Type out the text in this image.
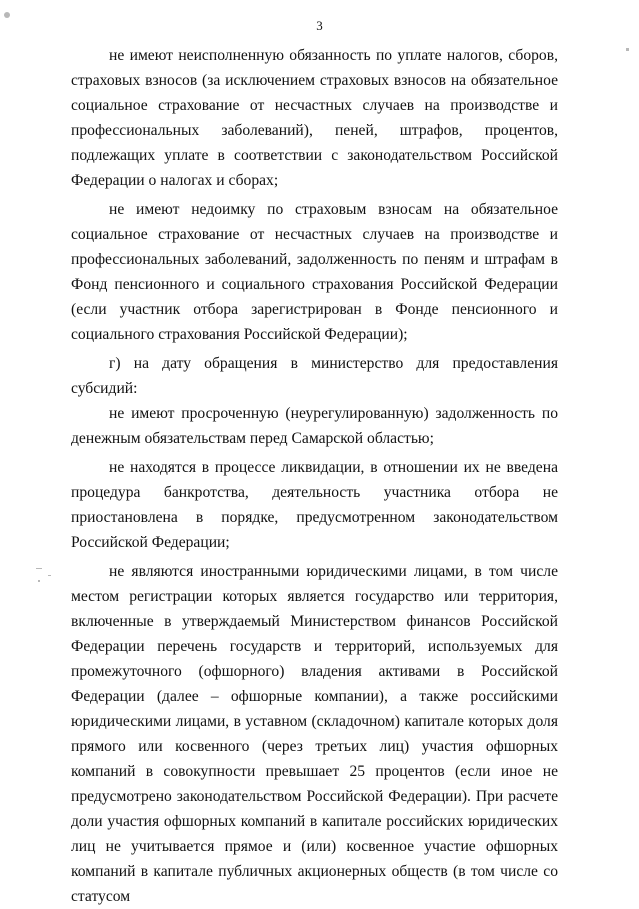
3

не имеют неисполненную обязанность по уплате налогов, сборов, страховых взносов (за исключением страховых взносов на обязательное социальное страхование от несчастных случаев на производстве и профессиональных заболеваний), пеней, штрафов, процентов, подлежащих уплате в соответствии с законодательством Российской Федерации о налогах и сборах;

не имеют недоимку по страховым взносам на обязательное социальное страхование от несчастных случаев на производстве и профессиональных заболеваний, задолженность по пеням и штрафам в Фонд пенсионного и социального страхования Российской Федерации (если участник отбора зарегистрирован в Фонде пенсионного и социального страхования Российской Федерации);

г) на дату обращения в министерство для предоставления субсидий:

не имеют просроченную (неурегулированную) задолженность по денежным обязательствам перед Самарской областью;

не находятся в процессе ликвидации, в отношении их не введена процедура банкротства, деятельность участника отбора не приостановлена в порядке, предусмотренном законодательством Российской Федерации;

не являются иностранными юридическими лицами, в том числе местом регистрации которых является государство или территория, включенные в утверждаемый Министерством финансов Российской Федерации перечень государств и территорий, используемых для промежуточного (офшорного) владения активами в Российской Федерации (далее – офшорные компании), а также российскими юридическими лицами, в уставном (складочном) капитале которых доля прямого или косвенного (через третьих лиц) участия офшорных компаний в совокупности превышает 25 процентов (если иное не предусмотрено законодательством Российской Федерации). При расчете доли участия офшорных компаний в капитале российских юридических лиц не учитывается прямое и (или) косвенное участие офшорных компаний в капитале публичных акционерных обществ (в том числе со статусом
